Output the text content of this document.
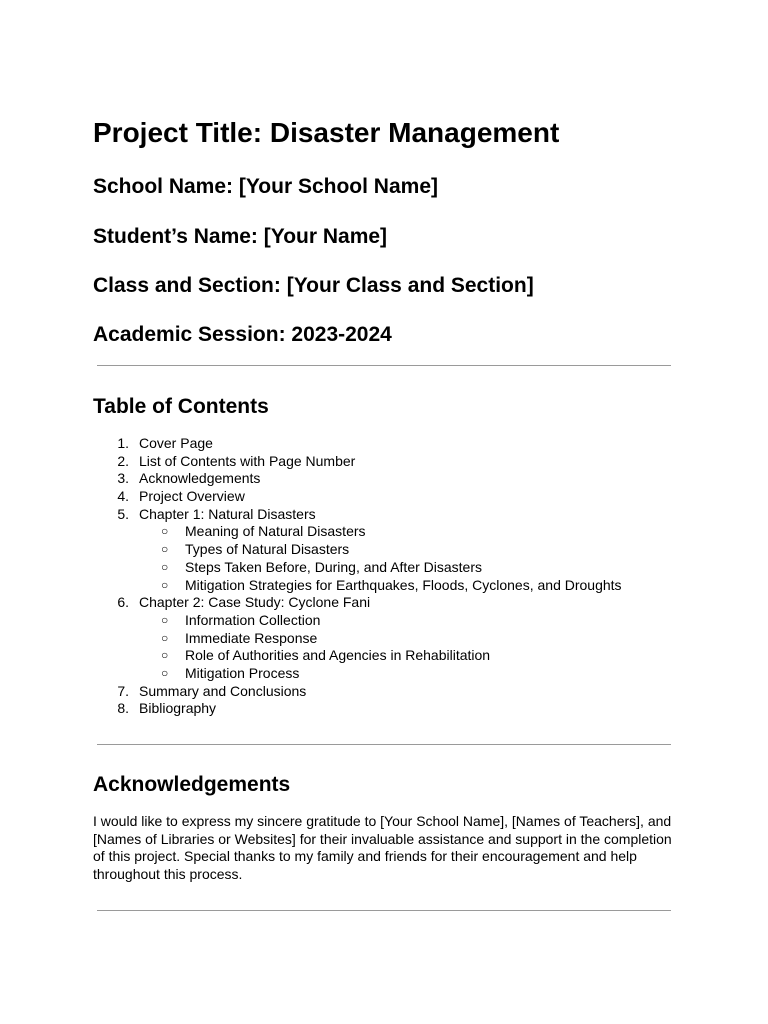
Project Title: Disaster Management
School Name: [Your School Name]
Student’s Name: [Your Name]
Class and Section: [Your Class and Section]
Academic Session: 2023-2024
Table of Contents
1. Cover Page
2. List of Contents with Page Number
3. Acknowledgements
4. Project Overview
5. Chapter 1: Natural Disasters
○ Meaning of Natural Disasters
○ Types of Natural Disasters
○ Steps Taken Before, During, and After Disasters
○ Mitigation Strategies for Earthquakes, Floods, Cyclones, and Droughts
6. Chapter 2: Case Study: Cyclone Fani
○ Information Collection
○ Immediate Response
○ Role of Authorities and Agencies in Rehabilitation
○ Mitigation Process
7. Summary and Conclusions
8. Bibliography
Acknowledgements

I would like to express my sincere gratitude to [Your School Name], [Names of Teachers], and [Names of Libraries or Websites] for their invaluable assistance and support in the completion of this project. Special thanks to my family and friends for their encouragement and help throughout this process.
